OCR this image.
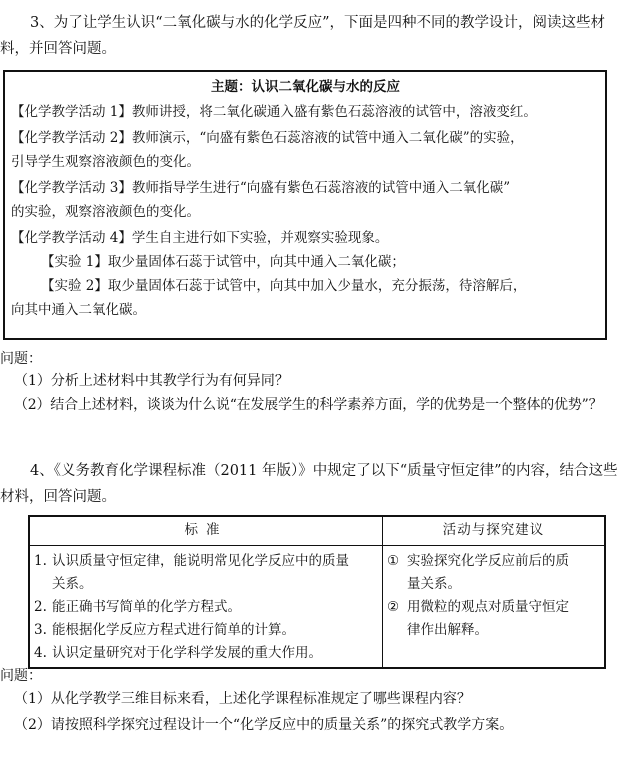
3、为了让学生认识“二氧化碳与水的化学反应”，下面是四种不同的教学设计，阅读这些材
料，并回答问题。
主题：认识二氧化碳与水的反应
【化学教学活动 1】教师讲授，将二氧化碳通入盛有紫色石蕊溶液的试管中，溶液变红。
【化学教学活动 2】教师演示，“向盛有紫色石蕊溶液的试管中通入二氧化碳”的实验，
引导学生观察溶液颜色的变化。
【化学教学活动 3】教师指导学生进行“向盛有紫色石蕊溶液的试管中通入二氧化碳”
的实验，观察溶液颜色的变化。
【化学教学活动 4】学生自主进行如下实验，并观察实验现象。
【实验 1】取少量固体石蕊于试管中，向其中通入二氧化碳；
【实验 2】取少量固体石蕊于试管中，向其中加入少量水，充分振荡，待溶解后，
向其中通入二氧化碳。
问题：
（1）分析上述材料中其教学行为有何异同？
（2）结合上述材料，谈谈为什么说“在发展学生的科学素养方面，学的优势是一个整体的优势”？
4、《义务教育化学课程标准（2011 年版）》中规定了以下“质量守恒定律”的内容，结合这些
材料，回答问题。
标准	活动与探究建议

1. 认识质量守恒定律，能说明常见化学反应中的质量
关系。
2. 能正确书写简单的化学方程式。
3. 能根据化学反应方程式进行简单的计算。
4. 认识定量研究对于化学科学发展的重大作用。	① 实验探究化学反应前后的质
量关系。
② 用微粒的观点对质量守恒定
律作出解释。
问题：
（1）从化学教学三维目标来看，上述化学课程标准规定了哪些课程内容？
（2）请按照科学探究过程设计一个“化学反应中的质量关系”的探究式教学方案。
